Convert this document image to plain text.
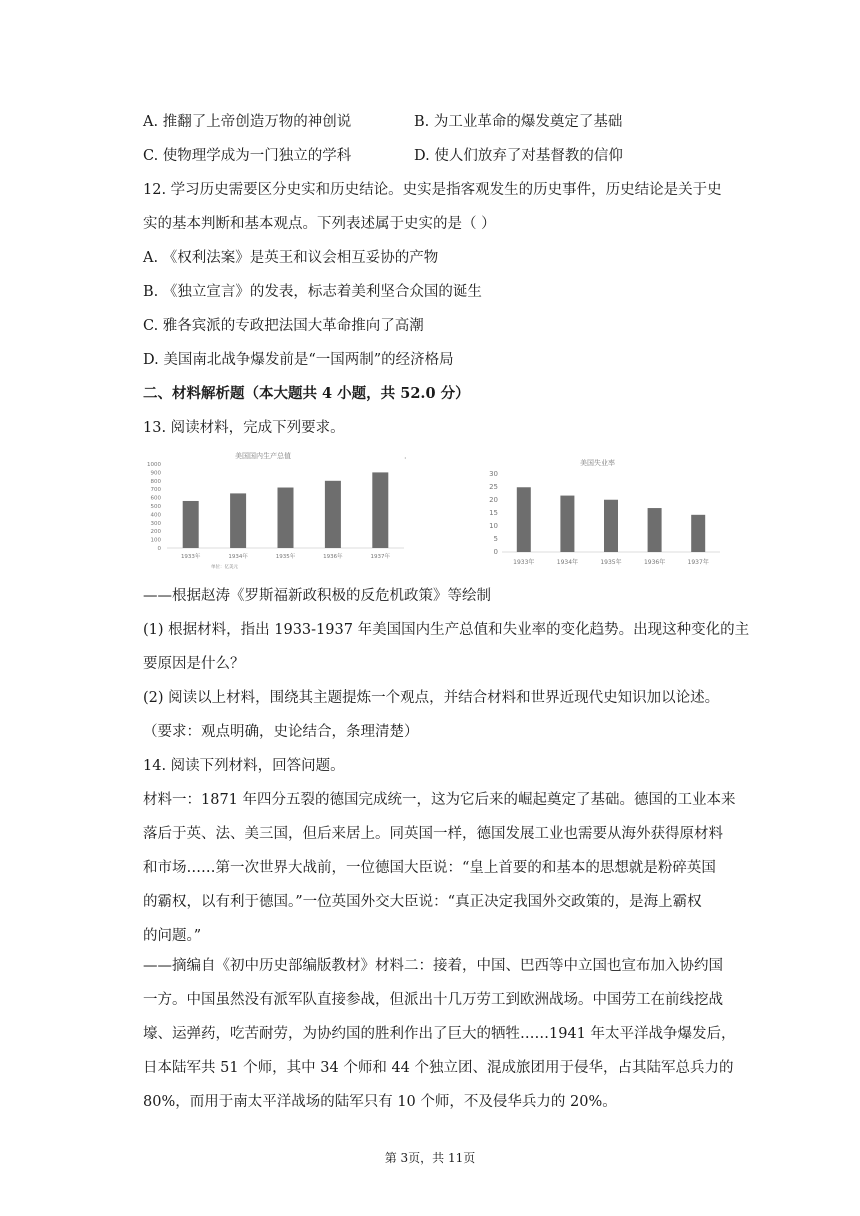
A. 推翻了上帝创造万物的神创说	B. 为工业革命的爆发奠定了基础
C. 使物理学成为一门独立的学科	D. 使人们放弃了对基督教的信仰
12. 学习历史需要区分史实和历史结论。史实是指客观发生的历史事件，历史结论是关于史
实的基本判断和基本观点。下列表述属于史实的是（ ）
A. 《权利法案》是英王和议会相互妥协的产物
B. 《独立宣言》的发表，标志着美利坚合众国的诞生
C. 雅各宾派的专政把法国大革命推向了高潮
D. 美国南北战争爆发前是“一国两制”的经济格局
二、材料解析题（本大题共 4 小题，共 52.0 分）
13. 阅读材料，完成下列要求。
美国国内生产总值	·
1000
900
800
700
600
500
400
300
200
100
0
1933年	1934年	1935年	1936年	1937年
单位：亿美元
美国失业率
30
25
20
15
10
5
0
1933年	1934年	1935年	1936年	1937年
——根据赵涛《罗斯福新政积极的反危机政策》等绘制
(1) 根据材料，指出 1933-1937 年美国国内生产总值和失业率的变化趋势。出现这种变化的主
要原因是什么？
(2) 阅读以上材料，围绕其主题提炼一个观点，并结合材料和世界近现代史知识加以论述。
（要求：观点明确，史论结合，条理清楚）
14. 阅读下列材料，回答问题。
材料一：1871 年四分五裂的德国完成统一，这为它后来的崛起奠定了基础。德国的工业本来
落后于英、法、美三国，但后来居上。同英国一样，德国发展工业也需要从海外获得原材料
和市场……第一次世界大战前，一位德国大臣说：“皇上首要的和基本的思想就是粉碎英国
的霸权，以有利于德国。”一位英国外交大臣说：“真正决定我国外交政策的，是海上霸权
的问题。”
——摘编自《初中历史部编版教材》材料二：接着，中国、巴西等中立国也宣布加入协约国
一方。中国虽然没有派军队直接参战，但派出十几万劳工到欧洲战场。中国劳工在前线挖战
壕、运弹药，吃苦耐劳，为协约国的胜利作出了巨大的牺牲……1941 年太平洋战争爆发后，
日本陆军共 51 个师，其中 34 个师和 44 个独立团、混成旅团用于侵华，占其陆军总兵力的
80%，而用于南太平洋战场的陆军只有 10 个师，不及侵华兵力的 20%。
第 3页，共 11页
